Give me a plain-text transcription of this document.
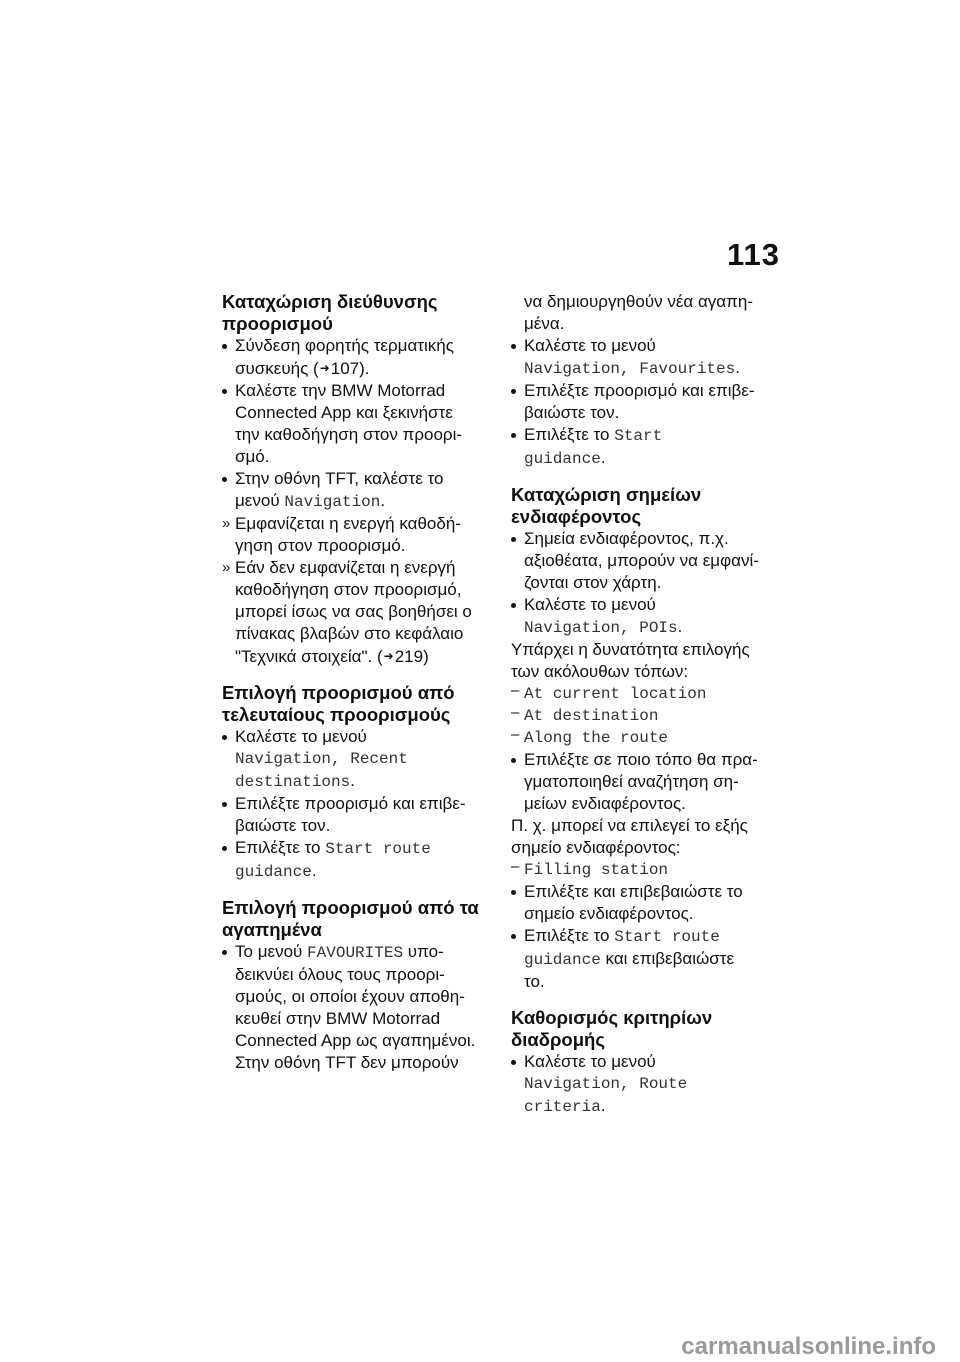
113
Καταχώριση διεύθυνσης
προορισμού
Σύνδεση φορητής τερματικής
συσκευής (➜107).
Καλέστε την BMW Motorrad
Connected App και ξεκινήστε
την καθοδήγηση στον προορι-
σμό.
Στην οθόνη TFT, καλέστε το
μενού Navigation.
» Εμφανίζεται η ενεργή καθοδή-
γηση στον προορισμό.
» Εάν δεν εμφανίζεται η ενεργή
καθοδήγηση στον προορισμό,
μπορεί ίσως να σας βοηθήσει ο
πίνακας βλαβών στο κεφάλαιο
"Τεχνικά στοιχεία". (➜219)
Επιλογή προορισμού από
τελευταίους προορισμούς
Καλέστε το μενού
Navigation, Recent
destinations.
Επιλέξτε προορισμό και επιβε-
βαιώστε τον.
Επιλέξτε το Start route
guidance.
Επιλογή προορισμού από τα
αγαπημένα
Το μενού FAVOURITES υπο-
δεικνύει όλους τους προορι-
σμούς, οι οποίοι έχουν αποθη-
κευθεί στην BMW Motorrad
Connected App ως αγαπημένοι.
Στην οθόνη TFT δεν μπορούν
να δημιουργηθούν νέα αγαπη-
μένα.
Καλέστε το μενού
Navigation, Favourites.
Επιλέξτε προορισμό και επιβε-
βαιώστε τον.
Επιλέξτε το Start
guidance.
Καταχώριση σημείων
ενδιαφέροντος
Σημεία ενδιαφέροντος, π.χ.
αξιοθέατα, μπορούν να εμφανί-
ζονται στον χάρτη.
Καλέστε το μενού
Navigation, POIs.
Υπάρχει η δυνατότητα επιλογής
των ακόλουθων τόπων:
– At current location
– At destination
– Along the route
Επιλέξτε σε ποιο τόπο θα πρα-
γματοποιηθεί αναζήτηση ση-
μείων ενδιαφέροντος.
Π. χ. μπορεί να επιλεγεί το εξής
σημείο ενδιαφέροντος:
– Filling station
Επιλέξτε και επιβεβαιώστε το
σημείο ενδιαφέροντος.
Επιλέξτε το Start route
guidance και επιβεβαιώστε
το.
Καθορισμός κριτηρίων
διαδρομής
Καλέστε το μενού
Navigation, Route
criteria.
carmanualsonline.info
